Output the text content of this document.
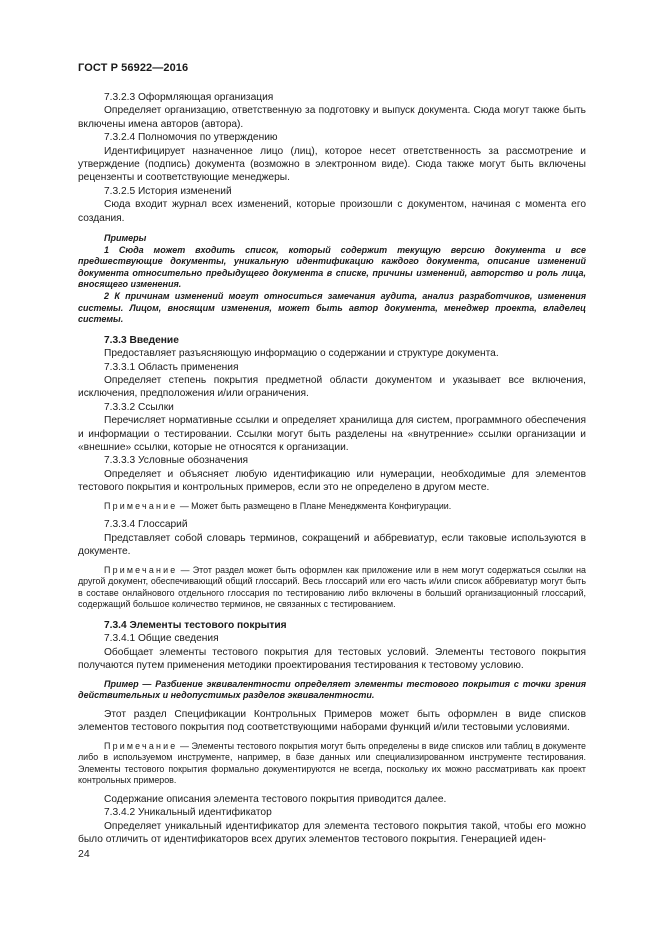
ГОСТ Р 56922—2016

7.3.2.3 Оформляющая организация

Определяет организацию, ответственную за подготовку и выпуск документа. Сюда могут также быть включены имена авторов (автора).

7.3.2.4 Полномочия по утверждению

Идентифицирует назначенное лицо (лиц), которое несет ответственность за рассмотрение и утверждение (подпись) документа (возможно в электронном виде). Сюда также могут быть включены рецензенты и соответствующие менеджеры.

7.3.2.5 История изменений

Сюда входит журнал всех изменений, которые произошли с документом, начиная с момента его создания.

Примеры

1 Сюда может входить список, который содержит текущую версию документа и все предшествующие документы, уникальную идентификацию каждого документа, описание изменений документа относительно предыдущего документа в списке, причины изменений, авторство и роль лица, вносящего изменения.

2 К причинам изменений могут относиться замечания аудита, анализ разработчиков, изменения системы. Лицом, вносящим изменения, может быть автор документа, менеджер проекта, владелец системы.

7.3.3 Введение

Предоставляет разъясняющую информацию о содержании и структуре документа.

7.3.3.1 Область применения

Определяет степень покрытия предметной области документом и указывает все включения, исключения, предположения и/или ограничения.

7.3.3.2 Ссылки

Перечисляет нормативные ссылки и определяет хранилища для систем, программного обеспечения и информации о тестировании. Ссылки могут быть разделены на «внутренние» ссылки организации и «внешние» ссылки, которые не относятся к организации.

7.3.3.3 Условные обозначения

Определяет и объясняет любую идентификацию или нумерации, необходимые для элементов тестового покрытия и контрольных примеров, если это не определено в другом месте.

Примечание — Может быть размещено в Плане Менеджмента Конфигурации.

7.3.3.4 Глоссарий

Представляет собой словарь терминов, сокращений и аббревиатур, если таковые используются в документе.

Примечание — Этот раздел может быть оформлен как приложение или в нем могут содержаться ссылки на другой документ, обеспечивающий общий глоссарий. Весь глоссарий или его часть и/или список аббревиатур могут быть в составе онлайнового отдельного глоссария по тестированию либо включены в больший организационный глоссарий, содержащий большое количество терминов, не связанных с тестированием.

7.3.4 Элементы тестового покрытия

7.3.4.1 Общие сведения

Обобщает элементы тестового покрытия для тестовых условий. Элементы тестового покрытия получаются путем применения методики проектирования тестирования к тестовому условию.

Пример — Разбиение эквивалентности определяет элементы тестового покрытия с точки зрения действительных и недопустимых разделов эквивалентности.

Этот раздел Спецификации Контрольных Примеров может быть оформлен в виде списков элементов тестового покрытия под соответствующими наборами функций и/или тестовыми условиями.

Примечание — Элементы тестового покрытия могут быть определены в виде списков или таблиц в документе либо в используемом инструменте, например, в базе данных или специализированном инструменте тестирования. Элементы тестового покрытия формально документируются не всегда, поскольку их можно рассматривать как проект контрольных примеров.

Содержание описания элемента тестового покрытия приводится далее.

7.3.4.2 Уникальный идентификатор

Определяет уникальный идентификатор для элемента тестового покрытия такой, чтобы его можно было отличить от идентификаторов всех других элементов тестового покрытия. Генерацией иден-

24
